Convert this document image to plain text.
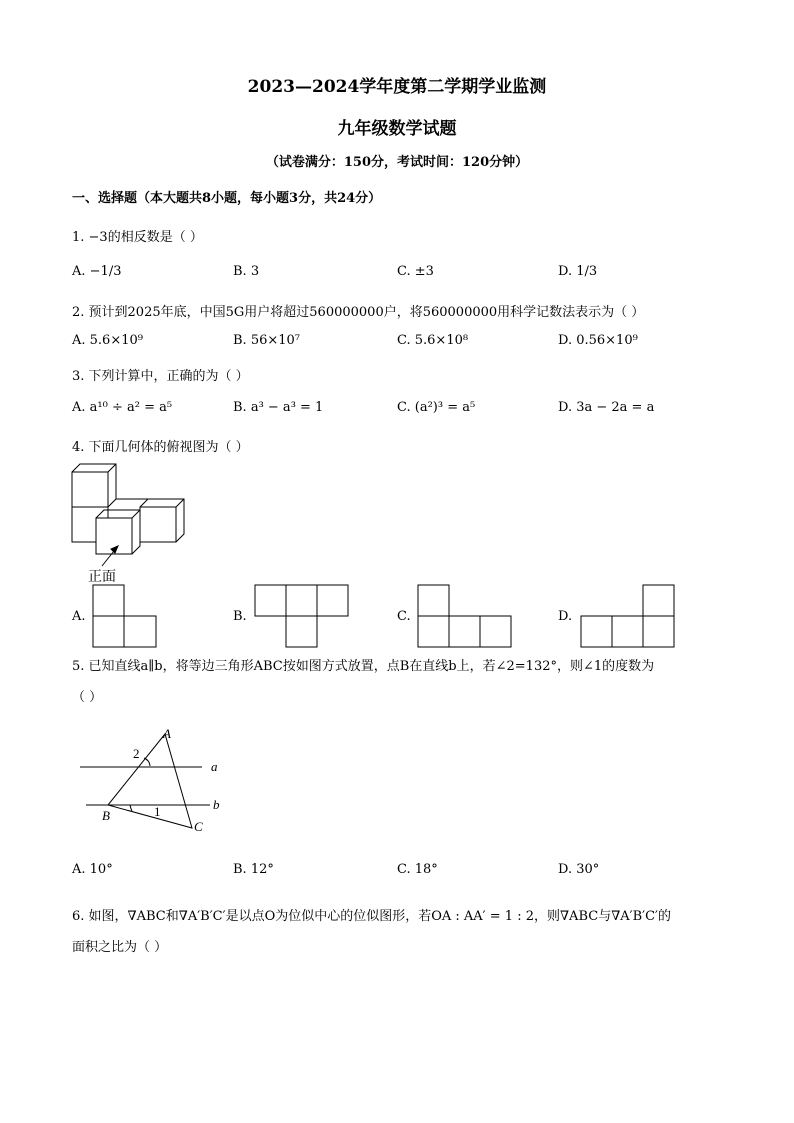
2023—2024学年度第二学期学业监测
九年级数学试题
（试卷满分：150分，考试时间：120分钟）
一、选择题（本大题共8小题，每小题3分，共24分）
1. −3的相反数是（ ）
A. −1/3	B. 3	C. ±3	D. 1/3
2. 预计到2025年底，中国5G用户将超过560000000户，将560000000用科学记数法表示为（ ）
A. 5.6×10⁹	B. 56×10⁷	C. 5.6×10⁸	D. 0.56×10⁹
3. 下列计算中，正确的为（ ）
A. a¹⁰ ÷ a² = a⁵	B. a³ − a³ = 1	C. (a²)³ = a⁵	D. 3a − 2a = a
4. 下面几何体的俯视图为（ ）
正面
A.	B.	C.	D.
5. 已知直线a∥b，将等边三角形ABC按如图方式放置，点B在直线b上，若∠2=132°，则∠1的度数为
（ ）
A
B
C
a
b
1
2
A. 10°	B. 12°	C. 18°	D. 30°
6. 如图，∇ABC和∇A′B′C′是以点O为位似中心的位似图形，若OA : AA′ = 1 : 2，则∇ABC与∇A′B′C′的
面积之比为（ ）
